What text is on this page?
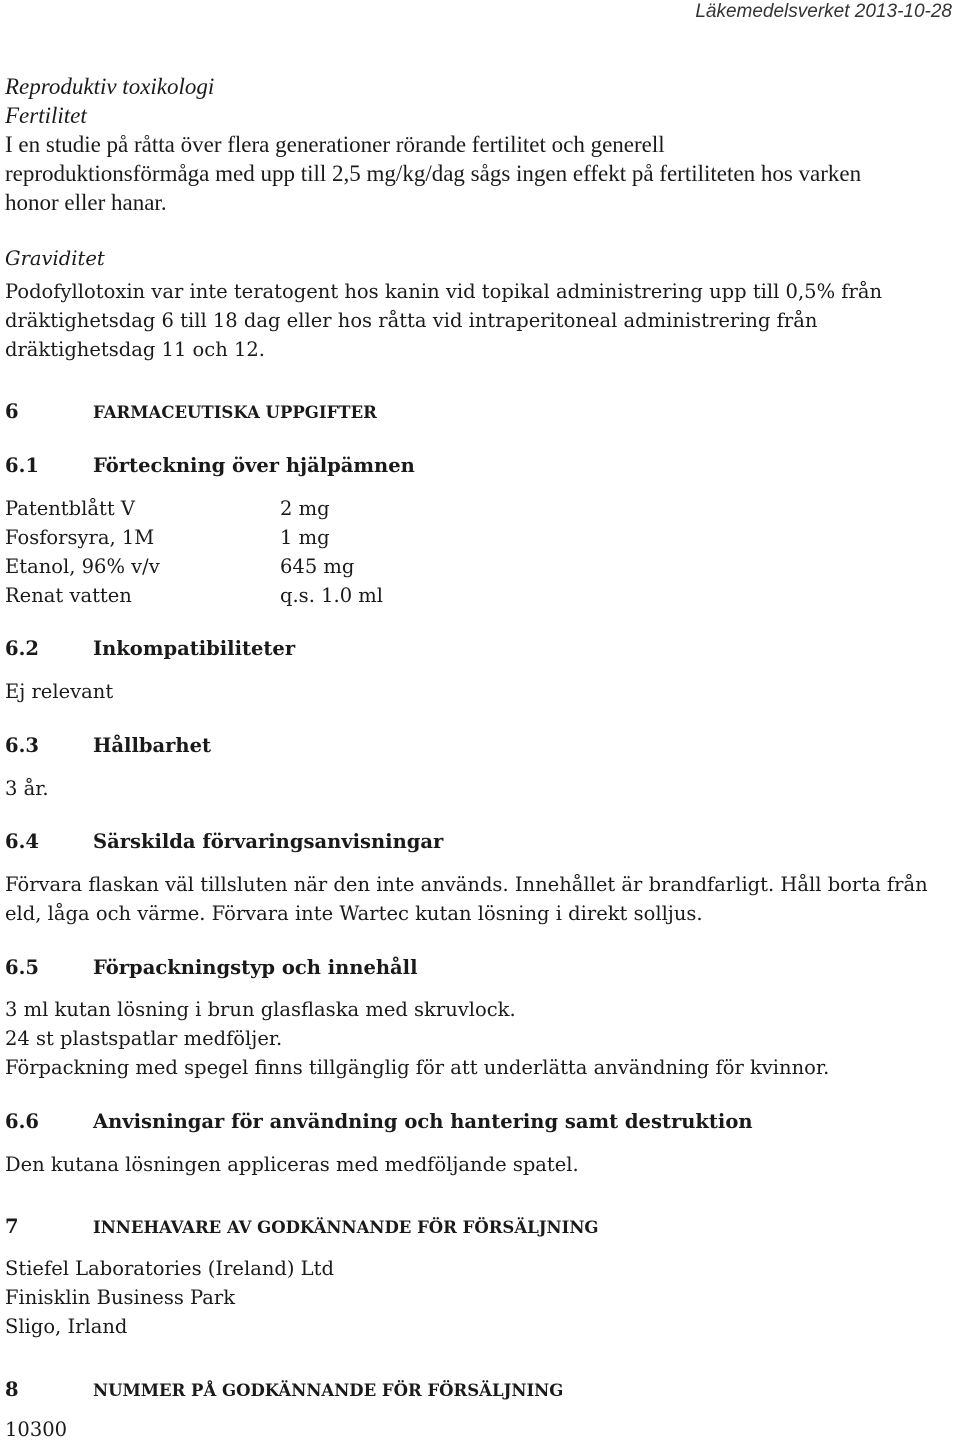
Läkemedelsverket 2013-10-28
Reproduktiv toxikologi
Fertilitet
I en studie på råtta över flera generationer rörande fertilitet och generell
reproduktionsförmåga med upp till 2,5 mg/kg/dag sågs ingen effekt på fertiliteten hos varken
honor eller hanar.
Graviditet
Podofyllotoxin var inte teratogent hos kanin vid topikal administrering upp till 0,5% från
dräktighetsdag 6 till 18 dag eller hos råtta vid intraperitoneal administrering från
dräktighetsdag 11 och 12.
6	FARMACEUTISKA UPPGIFTER
6.1	Förteckning över hjälpämnen
Patentblått V	2 mg
Fosforsyra, 1M	1 mg
Etanol, 96% v/v	645 mg
Renat vatten	q.s. 1.0 ml
6.2	Inkompatibiliteter
Ej relevant
6.3	Hållbarhet
3 år.
6.4	Särskilda förvaringsanvisningar
Förvara flaskan väl tillsluten när den inte används. Innehållet är brandfarligt. Håll borta från
eld, låga och värme. Förvara inte Wartec kutan lösning i direkt solljus.
6.5	Förpackningstyp och innehåll
3 ml kutan lösning i brun glasflaska med skruvlock.
24 st plastspatlar medföljer.
Förpackning med spegel finns tillgänglig för att underlätta användning för kvinnor.
6.6	Anvisningar för användning och hantering samt destruktion
Den kutana lösningen appliceras med medföljande spatel.
7	INNEHAVARE AV GODKÄNNANDE FÖR FÖRSÄLJNING
Stiefel Laboratories (Ireland) Ltd
Finisklin Business Park
Sligo, Irland
8	NUMMER PÅ GODKÄNNANDE FÖR FÖRSÄLJNING
10300
